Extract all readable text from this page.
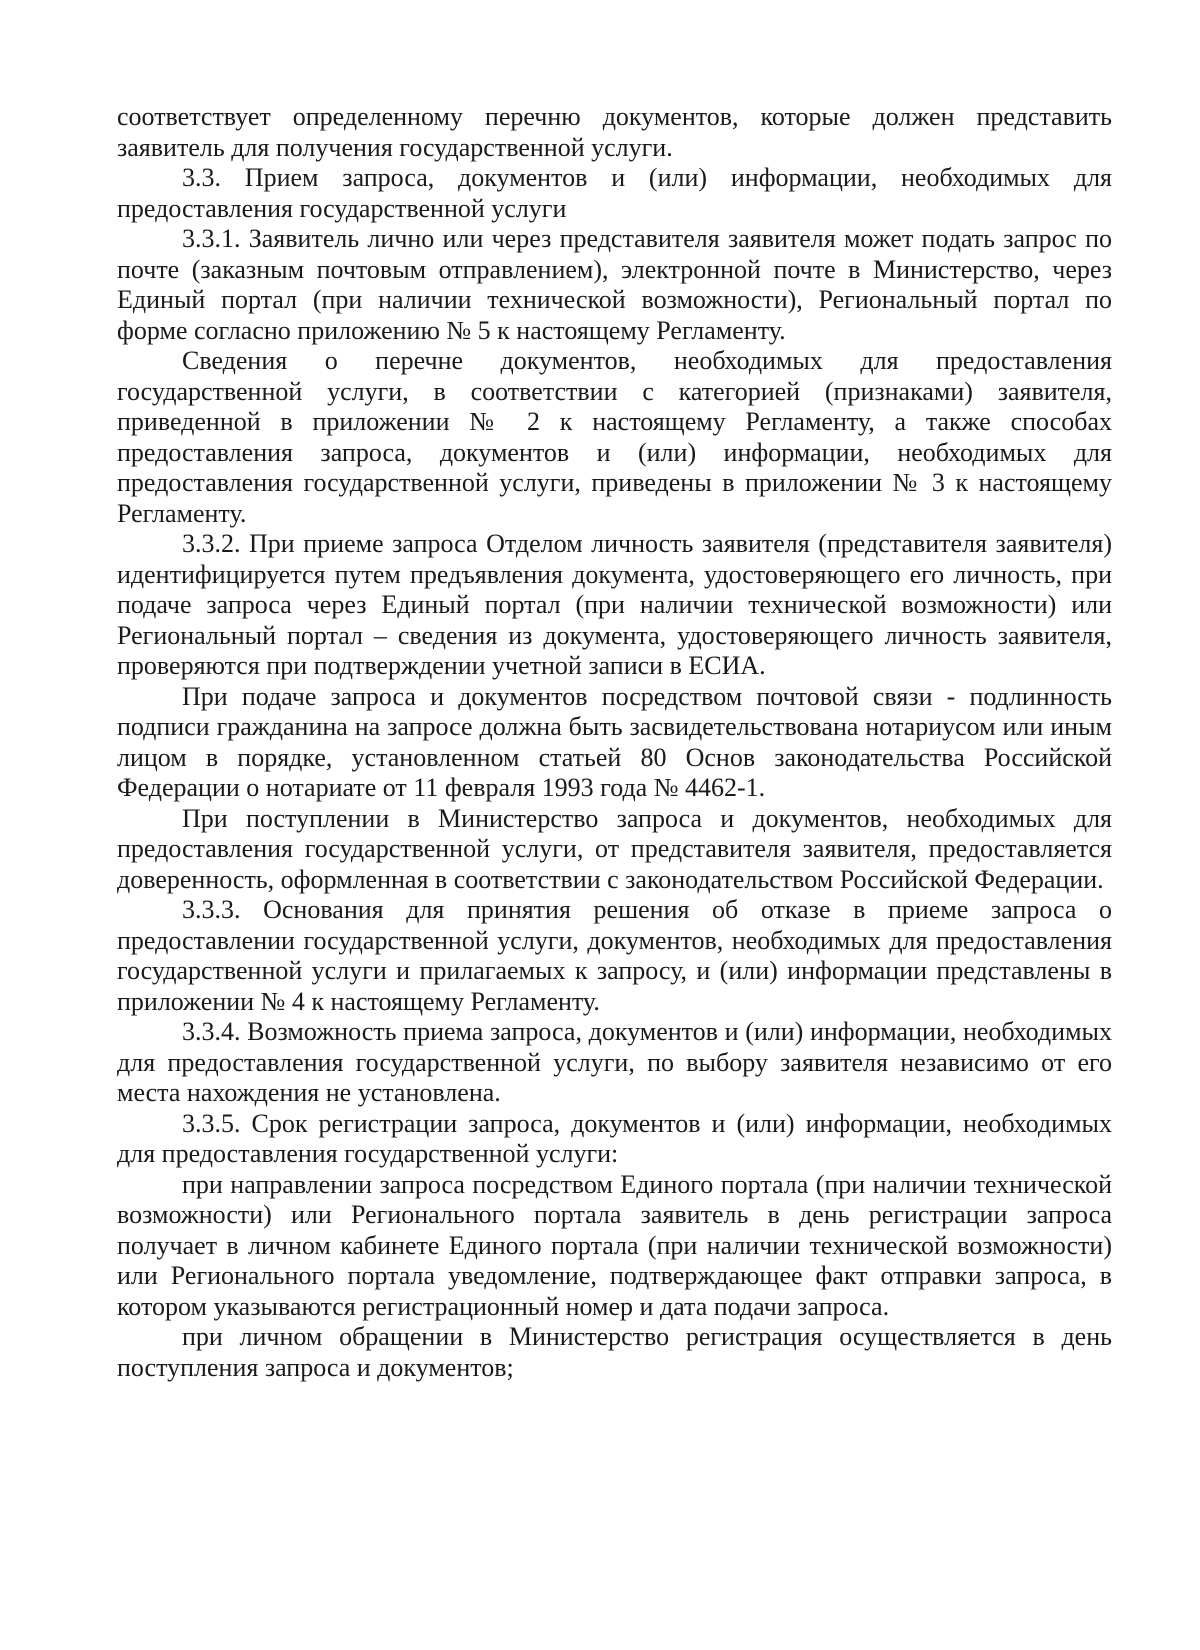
соответствует определенному перечню документов, которые должен представить заявитель для получения государственной услуги.

3.3. Прием запроса, документов и (или) информации, необходимых для предоставления государственной услуги

3.3.1. Заявитель лично или через представителя заявителя может подать запрос по почте (заказным почтовым отправлением), электронной почте в Министерство, через Единый портал (при наличии технической возможности), Региональный портал по форме согласно приложению № 5 к настоящему Регламенту.

Сведения о перечне документов, необходимых для предоставления государственной услуги, в соответствии с категорией (признаками) заявителя, приведенной в приложении № 2 к настоящему Регламенту, а также способах предоставления запроса, документов и (или) информации, необходимых для предоставления государственной услуги, приведены в приложении № 3 к настоящему Регламенту.

3.3.2. При приеме запроса Отделом личность заявителя (представителя заявителя) идентифицируется путем предъявления документа, удостоверяющего его личность, при подаче запроса через Единый портал (при наличии технической возможности) или Региональный портал – сведения из документа, удостоверяющего личность заявителя, проверяются при подтверждении учетной записи в ЕСИА.

При подаче запроса и документов посредством почтовой связи - подлинность подписи гражданина на запросе должна быть засвидетельствована нотариусом или иным лицом в порядке, установленном статьей 80 Основ законодательства Российской Федерации о нотариате от 11 февраля 1993 года № 4462-1.

При поступлении в Министерство запроса и документов, необходимых для предоставления государственной услуги, от представителя заявителя, предоставляется доверенность, оформленная в соответствии с законодательством Российской Федерации.

3.3.3. Основания для принятия решения об отказе в приеме запроса о предоставлении государственной услуги, документов, необходимых для предоставления государственной услуги и прилагаемых к запросу, и (или) информации представлены в приложении № 4 к настоящему Регламенту.

3.3.4. Возможность приема запроса, документов и (или) информации, необходимых для предоставления государственной услуги, по выбору заявителя независимо от его места нахождения не установлена.

3.3.5. Срок регистрации запроса, документов и (или) информации, необходимых для предоставления государственной услуги:

при направлении запроса посредством Единого портала (при наличии технической возможности) или Регионального портала заявитель в день регистрации запроса получает в личном кабинете Единого портала (при наличии технической возможности) или Регионального портала уведомление, подтверждающее факт отправки запроса, в котором указываются регистрационный номер и дата подачи запроса.

при личном обращении в Министерство регистрация осуществляется в день поступления запроса и документов;
